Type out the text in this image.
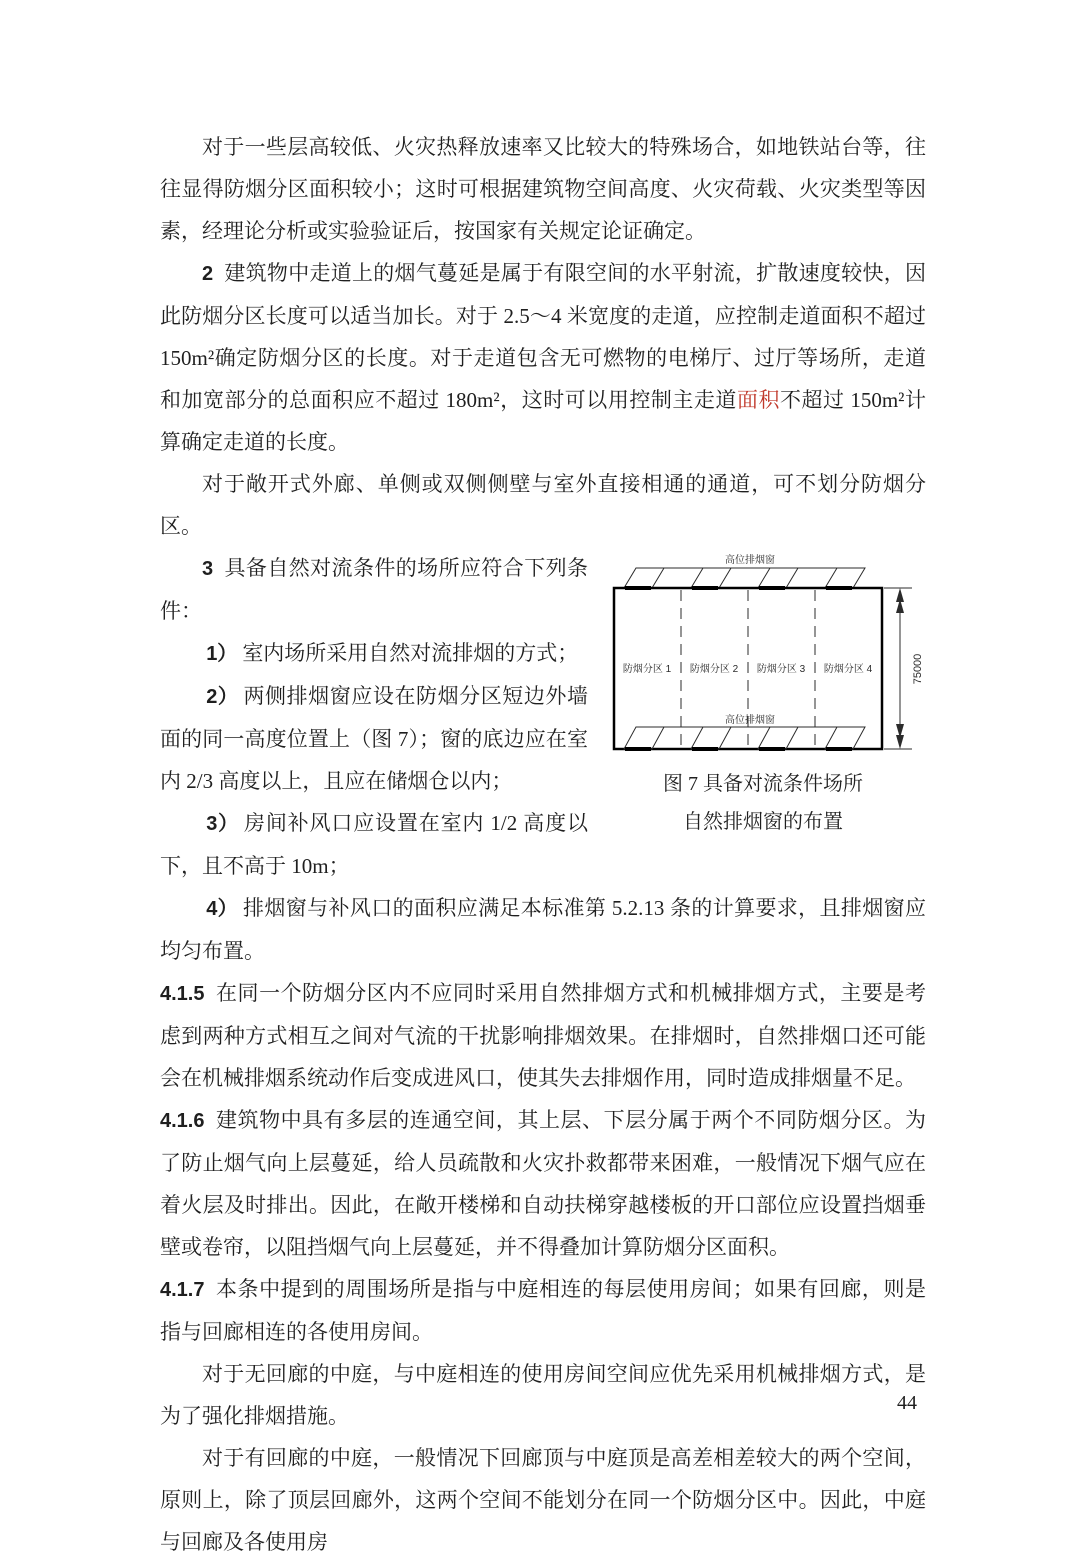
对于一些层高较低、火灾热释放速率又比较大的特殊场合，如地铁站台等，往往显得防烟分区面积较小；这时可根据建筑物空间高度、火灾荷载、火灾类型等因素，经理论分析或实验验证后，按国家有关规定论证确定。

2 建筑物中走道上的烟气蔓延是属于有限空间的水平射流，扩散速度较快，因此防烟分区长度可以适当加长。对于 2.5～4 米宽度的走道，应控制走道面积不超过 150m²确定防烟分区的长度。对于走道包含无可燃物的电梯厅、过厅等场所，走道和加宽部分的总面积应不超过 180m²，这时可以用控制主走道面积不超过 150m²计算确定走道的长度。

对于敞开式外廊、单侧或双侧侧壁与室外直接相通的通道，可不划分防烟分区。

高位排烟窗
防烟分区 1 防烟分区 2 防烟分区 3 防烟分区 4
高位排烟窗
75000
图 7 具备对流条件场所
自然排烟窗的布置

3 具备自然对流条件的场所应符合下列条件：

1） 室内场所采用自然对流排烟的方式；

2） 两侧排烟窗应设在防烟分区短边外墙面的同一高度位置上（图 7）；窗的底边应在室内 2/3 高度以上，且应在储烟仓以内；

3） 房间补风口应设置在室内 1/2 高度以下，且不高于 10m；

4） 排烟窗与补风口的面积应满足本标准第 5.2.13 条的计算要求，且排烟窗应均匀布置。

4.1.5 在同一个防烟分区内不应同时采用自然排烟方式和机械排烟方式，主要是考虑到两种方式相互之间对气流的干扰影响排烟效果。在排烟时，自然排烟口还可能会在机械排烟系统动作后变成进风口，使其失去排烟作用，同时造成排烟量不足。

4.1.6 建筑物中具有多层的连通空间，其上层、下层分属于两个不同防烟分区。为了防止烟气向上层蔓延，给人员疏散和火灾扑救都带来困难，一般情况下烟气应在着火层及时排出。因此，在敞开楼梯和自动扶梯穿越楼板的开口部位应设置挡烟垂壁或卷帘，以阻挡烟气向上层蔓延，并不得叠加计算防烟分区面积。

4.1.7 本条中提到的周围场所是指与中庭相连的每层使用房间；如果有回廊，则是指与回廊相连的各使用房间。

对于无回廊的中庭，与中庭相连的使用房间空间应优先采用机械排烟方式，是为了强化排烟措施。

对于有回廊的中庭，一般情况下回廊顶与中庭顶是高差相差较大的两个空间，原则上，除了顶层回廊外，这两个空间不能划分在同一个防烟分区中。因此，中庭与回廊及各使用房

44
